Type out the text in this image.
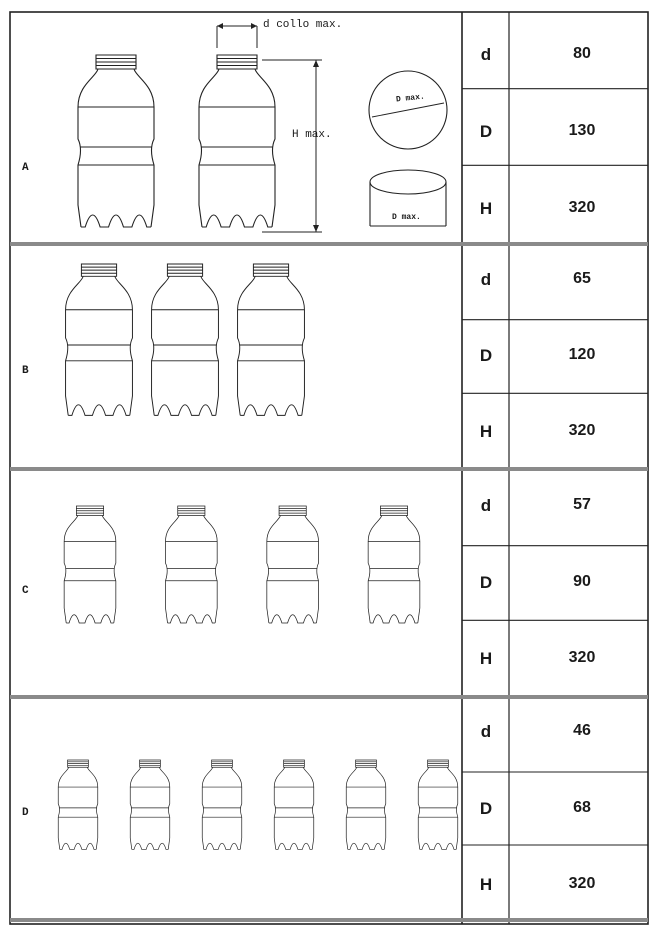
A
d	80
D	130
H	320
B
d	65
D	120
H	320
C
d	57
D	90
H	320
D
d	46
D	68
H	320
d collo max.
H max.
D max.
D max.
